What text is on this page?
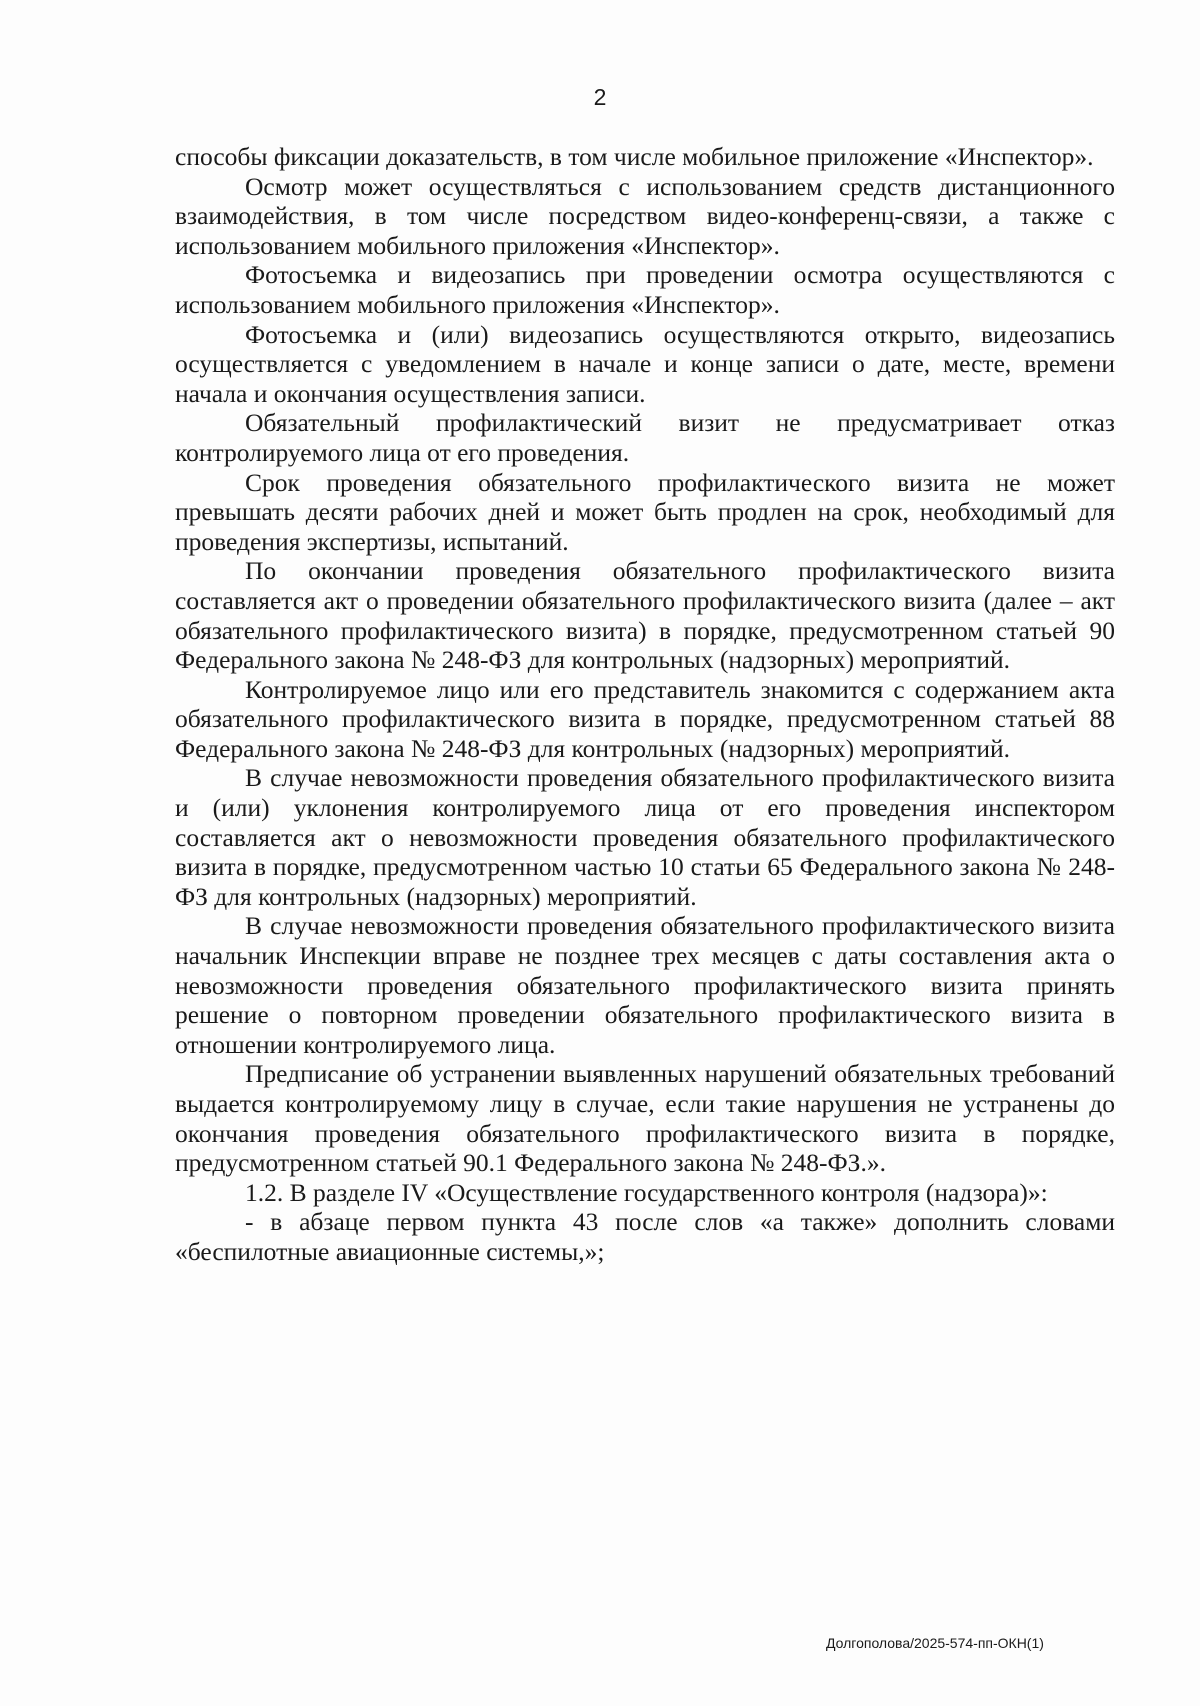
2

способы фиксации доказательств, в том числе мобильное приложение «Инспектор».

Осмотр может осуществляться с использованием средств дистанционного взаимодействия, в том числе посредством видео-конференц-связи, а также с использованием мобильного приложения «Инспектор».

Фотосъемка и видеозапись при проведении осмотра осуществляются с использованием мобильного приложения «Инспектор».

Фотосъемка и (или) видеозапись осуществляются открыто, видеозапись осуществляется с уведомлением в начале и конце записи о дате, месте, времени начала и окончания осуществления записи.

Обязательный профилактический визит не предусматривает отказ контролируемого лица от его проведения.

Срок проведения обязательного профилактического визита не может превышать десяти рабочих дней и может быть продлен на срок, необходимый для проведения экспертизы, испытаний.

По окончании проведения обязательного профилактического визита составляется акт о проведении обязательного профилактического визита (далее – акт обязательного профилактического визита) в порядке, предусмотренном статьей 90 Федерального закона № 248-ФЗ для контрольных (надзорных) мероприятий.

Контролируемое лицо или его представитель знакомится с содержанием акта обязательного профилактического визита в порядке, предусмотренном статьей 88 Федерального закона № 248-ФЗ для контрольных (надзорных) мероприятий.

В случае невозможности проведения обязательного профилактического визита и (или) уклонения контролируемого лица от его проведения инспектором составляется акт о невозможности проведения обязательного профилактического визита в порядке, предусмотренном частью 10 статьи 65 Федерального закона № 248-ФЗ для контрольных (надзорных) мероприятий.

В случае невозможности проведения обязательного профилактического визита начальник Инспекции вправе не позднее трех месяцев с даты составления акта о невозможности проведения обязательного профилактического визита принять решение о повторном проведении обязательного профилактического визита в отношении контролируемого лица.

Предписание об устранении выявленных нарушений обязательных требований выдается контролируемому лицу в случае, если такие нарушения не устранены до окончания проведения обязательного профилактического визита в порядке, предусмотренном статьей 90.1 Федерального закона № 248-ФЗ.».

1.2. В разделе IV «Осуществление государственного контроля (надзора)»:

- в абзаце первом пункта 43 после слов «а также» дополнить словами «беспилотные авиационные системы,»;

Долгополова/2025-574-пп-ОКН(1)
